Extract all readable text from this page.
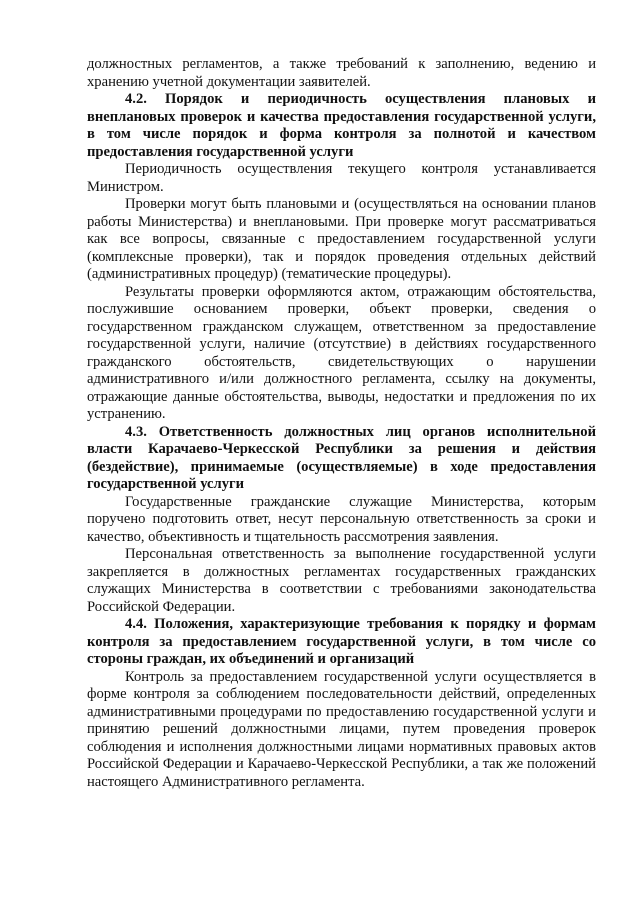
должностных регламентов, а также требований к заполнению, ведению и хранению учетной документации заявителей.

4.2. Порядок и периодичность осуществления плановых и внеплановых проверок и качества предоставления государственной услуги, в том числе порядок и форма контроля за полнотой и качеством предоставления государственной услуги

Периодичность осуществления текущего контроля устанавливается Министром.

Проверки могут быть плановыми и (осуществляться на основании планов работы Министерства) и внеплановыми. При проверке могут рассматриваться как все вопросы, связанные с предоставлением государственной услуги (комплексные проверки), так и порядок проведения отдельных действий (административных процедур) (тематические процедуры).

Результаты проверки оформляются актом, отражающим обстоятельства, послужившие основанием проверки, объект проверки, сведения о государственном гражданском служащем, ответственном за предоставление государственной услуги, наличие (отсутствие) в действиях государственного гражданского обстоятельств, свидетельствующих о нарушении административного и/или должностного регламента, ссылку на документы, отражающие данные обстоятельства, выводы, недостатки и предложения по их устранению.

4.3. Ответственность должностных лиц органов исполнительной власти Карачаево-Черкесской Республики за решения и действия (бездействие), принимаемые (осуществляемые) в ходе предоставления государственной услуги

Государственные гражданские служащие Министерства, которым поручено подготовить ответ, несут персональную ответственность за сроки и качество, объективность и тщательность рассмотрения заявления.

Персональная ответственность за выполнение государственной услуги закрепляется в должностных регламентах государственных гражданских служащих Министерства в соответствии с требованиями законодательства Российской Федерации.

4.4. Положения, характеризующие требования к порядку и формам контроля за предоставлением государственной услуги, в том числе со стороны граждан, их объединений и организаций

Контроль за предоставлением государственной услуги осуществляется в форме контроля за соблюдением последовательности действий, определенных административными процедурами по предоставлению государственной услуги и принятию решений должностными лицами, путем проведения проверок соблюдения и исполнения должностными лицами нормативных правовых актов Российской Федерации и Карачаево-Черкесской Республики, а так же положений настоящего Административного регламента.
